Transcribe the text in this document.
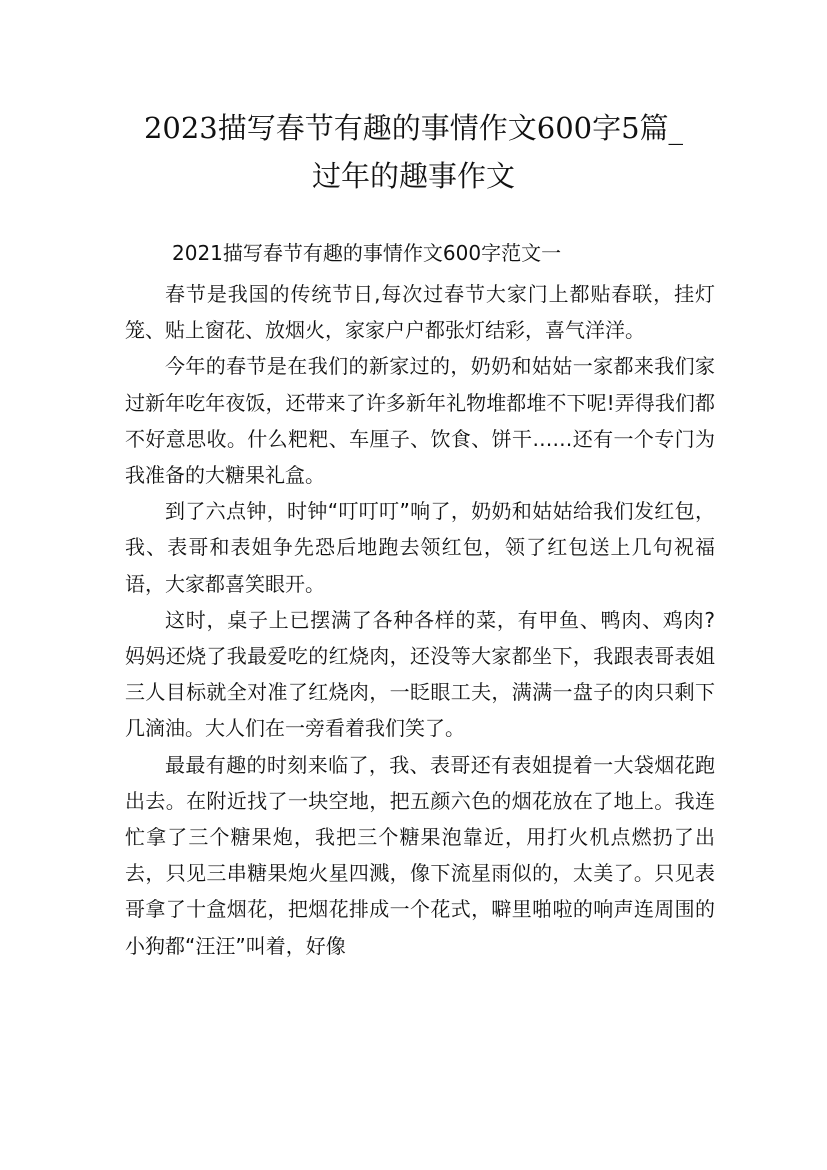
2023描写春节有趣的事情作文600字5篇_
过年的趣事作文
2021描写春节有趣的事情作文600字范文一

春节是我国的传统节日,每次过春节大家门上都贴春联，挂灯笼、贴上窗花、放烟火，家家户户都张灯结彩，喜气洋洋。

今年的春节是在我们的新家过的，奶奶和姑姑一家都来我们家过新年吃年夜饭，还带来了许多新年礼物堆都堆不下呢!弄得我们都不好意思收。什么粑粑、车厘子、饮食、饼干……还有一个专门为我准备的大糖果礼盒。

到了六点钟，时钟“叮叮叮”响了，奶奶和姑姑给我们发红包，我、表哥和表姐争先恐后地跑去领红包，领了红包送上几句祝福语，大家都喜笑眼开。

这时，桌子上已摆满了各种各样的菜，有甲鱼、鸭肉、鸡肉?妈妈还烧了我最爱吃的红烧肉，还没等大家都坐下，我跟表哥表姐三人目标就全对准了红烧肉，一眨眼工夫，满满一盘子的肉只剩下几滴油。大人们在一旁看着我们笑了。

最最有趣的时刻来临了，我、表哥还有表姐提着一大袋烟花跑出去。在附近找了一块空地，把五颜六色的烟花放在了地上。我连忙拿了三个糖果炮，我把三个糖果泡靠近，用打火机点燃扔了出去，只见三串糖果炮火星四溅，像下流星雨似的，太美了。只见表哥拿了十盒烟花，把烟花排成一个花式，噼里啪啦的响声连周围的小狗都“汪汪”叫着，好像
